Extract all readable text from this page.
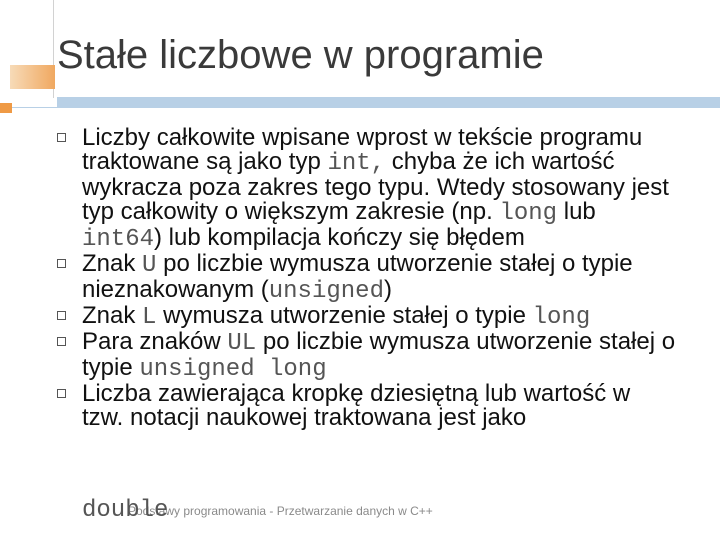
Stałe liczbowe w programie
Liczby całkowite wpisane wprost w tekście programu traktowane są jako typ int, chyba że ich wartość wykracza poza zakres tego typu. Wtedy stosowany jest typ całkowity o większym zakresie (np. long lub int64) lub kompilacja kończy się błędem
Znak U po liczbie wymusza utworzenie stałej o typie nieznakowanym (unsigned)
Znak L wymusza utworzenie stałej o typie long
Para znaków UL po liczbie wymusza utworzenie stałej o typie unsigned long
Liczba zawierająca kropkę dziesiętną lub wartość w tzw. notacji naukowej traktowana jest jako
Podstawy programowania - Przetwarzanie danych w C++
double
